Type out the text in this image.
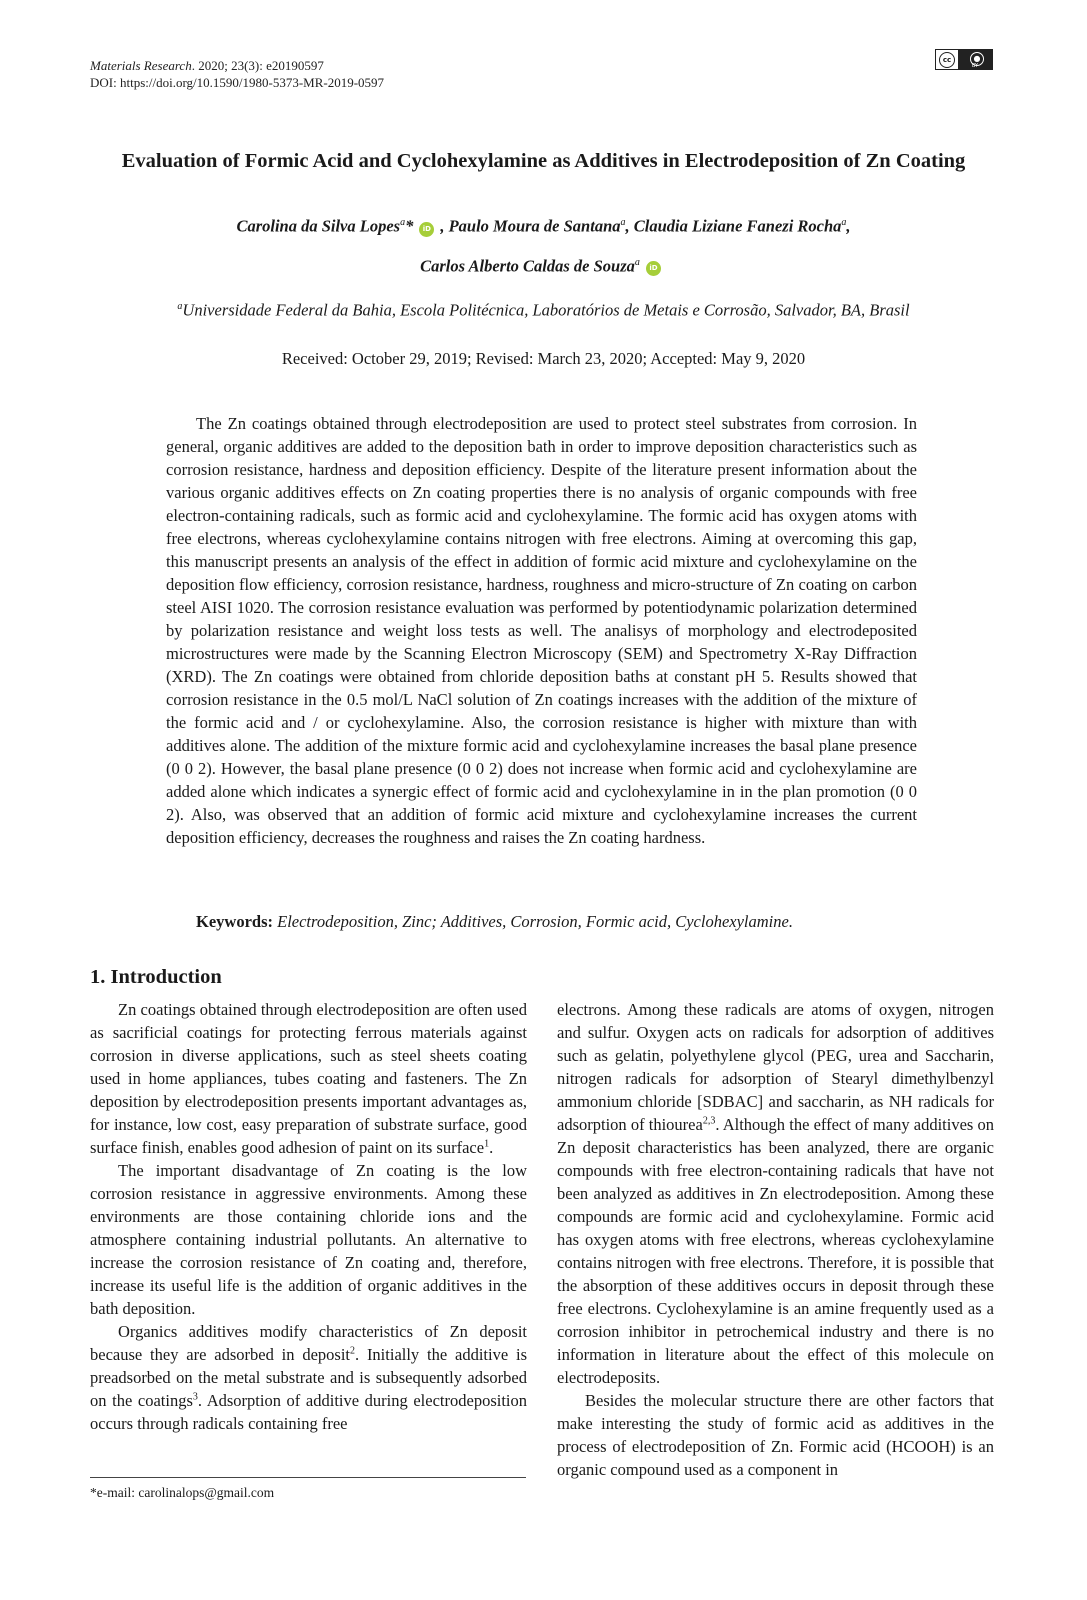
Materials Research. 2020; 23(3): e20190597
DOI: https://doi.org/10.1590/1980-5373-MR-2019-0597
cc	●
BY
Evaluation of Formic Acid and Cyclohexylamine as Additives in Electrodeposition of Zn Coating
Carolina da Silva Lopes$^a$* iD , Paulo Moura de Santana$^a$, Claudia Liziane Fanezi Rocha$^a$,
Carlos Alberto Caldas de Souza$^a$iD
$^a$Universidade Federal da Bahia, Escola Politécnica, Laboratórios de Metais e Corrosão, Salvador, BA, Brasil
Received: October 29, 2019; Revised: March 23, 2020; Accepted: May 9, 2020

The Zn coatings obtained through electrodeposition are used to protect steel substrates from corrosion. In general, organic additives are added to the deposition bath in order to improve deposition characteristics such as corrosion resistance, hardness and deposition efficiency. Despite of the literature present information about the various organic additives effects on Zn coating properties there is no analysis of organic compounds with free electron-containing radicals, such as formic acid and cyclohexylamine. The formic acid has oxygen atoms with free electrons, whereas cyclohexylamine contains nitrogen with free electrons. Aiming at overcoming this gap, this manuscript presents an analysis of the effect in addition of formic acid mixture and cyclohexylamine on the deposition flow efficiency, corrosion resistance, hardness, roughness and micro-structure of Zn coating on carbon steel AISI 1020. The corrosion resistance evaluation was performed by potentiodynamic polarization determined by polarization resistance and weight loss tests as well. The analisys of morphology and electrodeposited microstructures were made by the Scanning Electron Microscopy (SEM) and Spectrometry X-Ray Diffraction (XRD). The Zn coatings were obtained from chloride deposition baths at constant pH 5. Results showed that corrosion resistance in the 0.5 mol/L NaCl solution of Zn coatings increases with the addition of the mixture of the formic acid and / or cyclohexylamine. Also, the corrosion resistance is higher with mixture than with additives alone. The addition of the mixture formic acid and cyclohexylamine increases the basal plane presence (0 0 2). However, the basal plane presence (0 0 2) does not increase when formic acid and cyclohexylamine are added alone which indicates a synergic effect of formic acid and cyclohexylamine in in the plan promotion (0 0 2). Also, was observed that an addition of formic acid mixture and cyclohexylamine increases the current deposition efficiency, decreases the roughness and raises the Zn coating hardness.

Keywords: Electrodeposition, Zinc; Additives, Corrosion, Formic acid, Cyclohexylamine.
1. Introduction

Zn coatings obtained through electrodeposition are often used as sacrificial coatings for protecting ferrous materials against corrosion in diverse applications, such as steel sheets coating used in home appliances, tubes coating and fasteners. The Zn deposition by electrodeposition presents important advantages as, for instance, low cost, easy preparation of substrate surface, good surface finish, enables good adhesion of paint on its surface$^1$.

The important disadvantage of Zn coating is the low corrosion resistance in aggressive environments. Among these environments are those containing chloride ions and the atmosphere containing industrial pollutants. An alternative to increase the corrosion resistance of Zn coating and, therefore, increase its useful life is the addition of organic additives in the bath deposition.

Organics additives modify characteristics of Zn deposit because they are adsorbed in deposit$^2$. Initially the additive is preadsorbed on the metal substrate and is subsequently adsorbed on the coatings$^3$. Adsorption of additive during electrodeposition occurs through radicals containing free

electrons. Among these radicals are atoms of oxygen, nitrogen and sulfur. Oxygen acts on radicals for adsorption of additives such as gelatin, polyethylene glycol (PEG, urea and Saccharin, nitrogen radicals for adsorption of Stearyl dimethylbenzyl ammonium chloride [SDBAC] and saccharin, as NH radicals for adsorption of thiourea$^{2,3}$. Although the effect of many additives on Zn deposit characteristics has been analyzed, there are organic compounds with free electron-containing radicals that have not been analyzed as additives in Zn electrodeposition. Among these compounds are formic acid and cyclohexylamine. Formic acid has oxygen atoms with free electrons, whereas cyclohexylamine contains nitrogen with free electrons. Therefore, it is possible that the absorption of these additives occurs in deposit through these free electrons. Cyclohexylamine is an amine frequently used as a corrosion inhibitor in petrochemical industry and there is no information in literature about the effect of this molecule on electrodeposits.

Besides the molecular structure there are other factors that make interesting the study of formic acid as additives in the process of electrodeposition of Zn. Formic acid (HCOOH) is an organic compound used as a component in

*e-mail: carolinalops@gmail.com
